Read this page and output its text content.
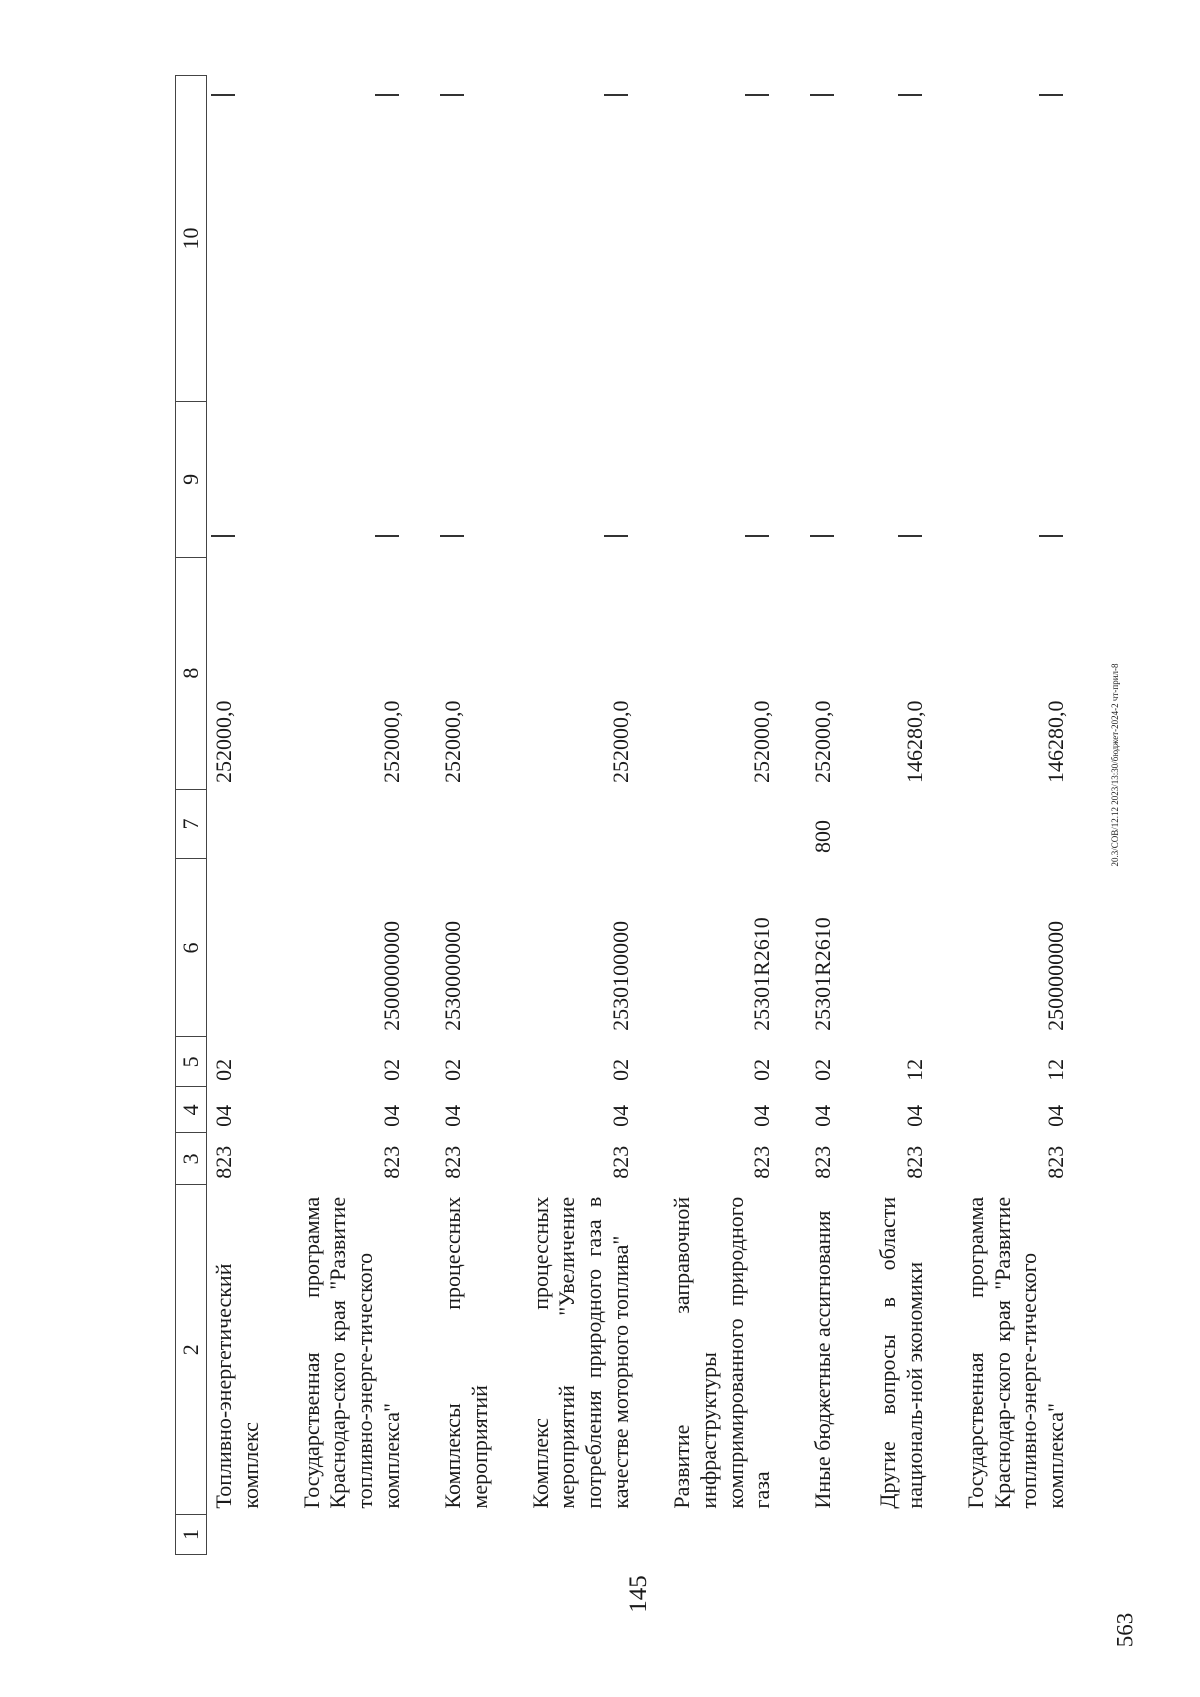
145
563
20.3/СОВ/12.12 2023/13:30/бюджет-2024-2 чт-прил-8
1	2	3	4	5	6	7	8	9	10
	Топливно-энергетический комплекс	823	04	02			252000,0		

	Государственная программа Краснодар-ского края "Развитие топливно-энерге-тического комплекса"	823	04	02	2500000000		252000,0		

	Комплексы процессных мероприятий	823	04	02	2530000000		252000,0		

	Комплекс процессных мероприятий "Увеличение потребления природного газа в качестве моторного топлива"	823	04	02	2530100000		252000,0		

	Развитие заправочной инфраструктуры компримированного природного газа	823	04	02	25301R2610		252000,0		

	Иные бюджетные ассигнования	823	04	02	25301R2610	800	252000,0		

	Другие вопросы в области националь-ной экономики	823	04	12			146280,0		

	Государственная программа Краснодар-ского края "Развитие топливно-энерге-тического комплекса"	823	04	12	2500000000		146280,0		
